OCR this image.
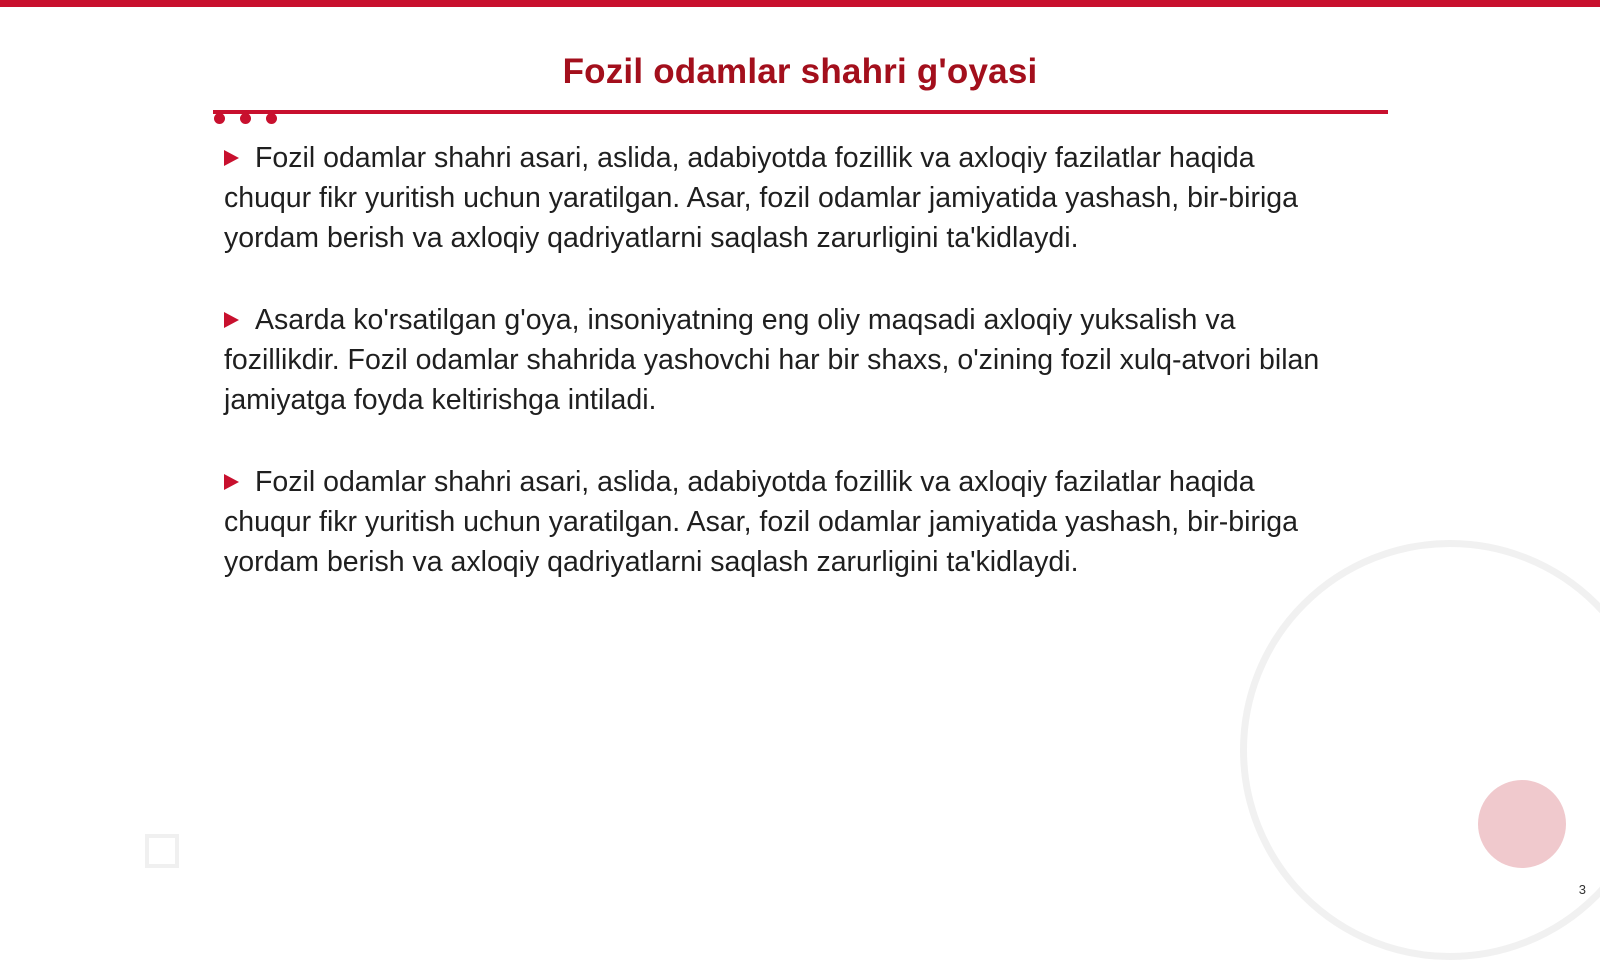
Fozil odamlar shahri g'oyasi
Fozil odamlar shahri asari, aslida, adabiyotda fozillik va axloqiy fazilatlar haqida chuqur fikr yuritish uchun yaratilgan. Asar, fozil odamlar jamiyatida yashash, bir-biriga yordam berish va axloqiy qadriyatlarni saqlash zarurligini ta'kidlaydi.
Asarda ko'rsatilgan g'oya, insoniyatning eng oliy maqsadi axloqiy yuksalish va fozillikdir. Fozil odamlar shahrida yashovchi har bir shaxs, o'zining fozil xulq-atvori bilan jamiyatga foyda keltirishga intiladi.
Fozil odamlar shahri asari, aslida, adabiyotda fozillik va axloqiy fazilatlar haqida chuqur fikr yuritish uchun yaratilgan. Asar, fozil odamlar jamiyatida yashash, bir-biriga yordam berish va axloqiy qadriyatlarni saqlash zarurligini ta'kidlaydi.
3
